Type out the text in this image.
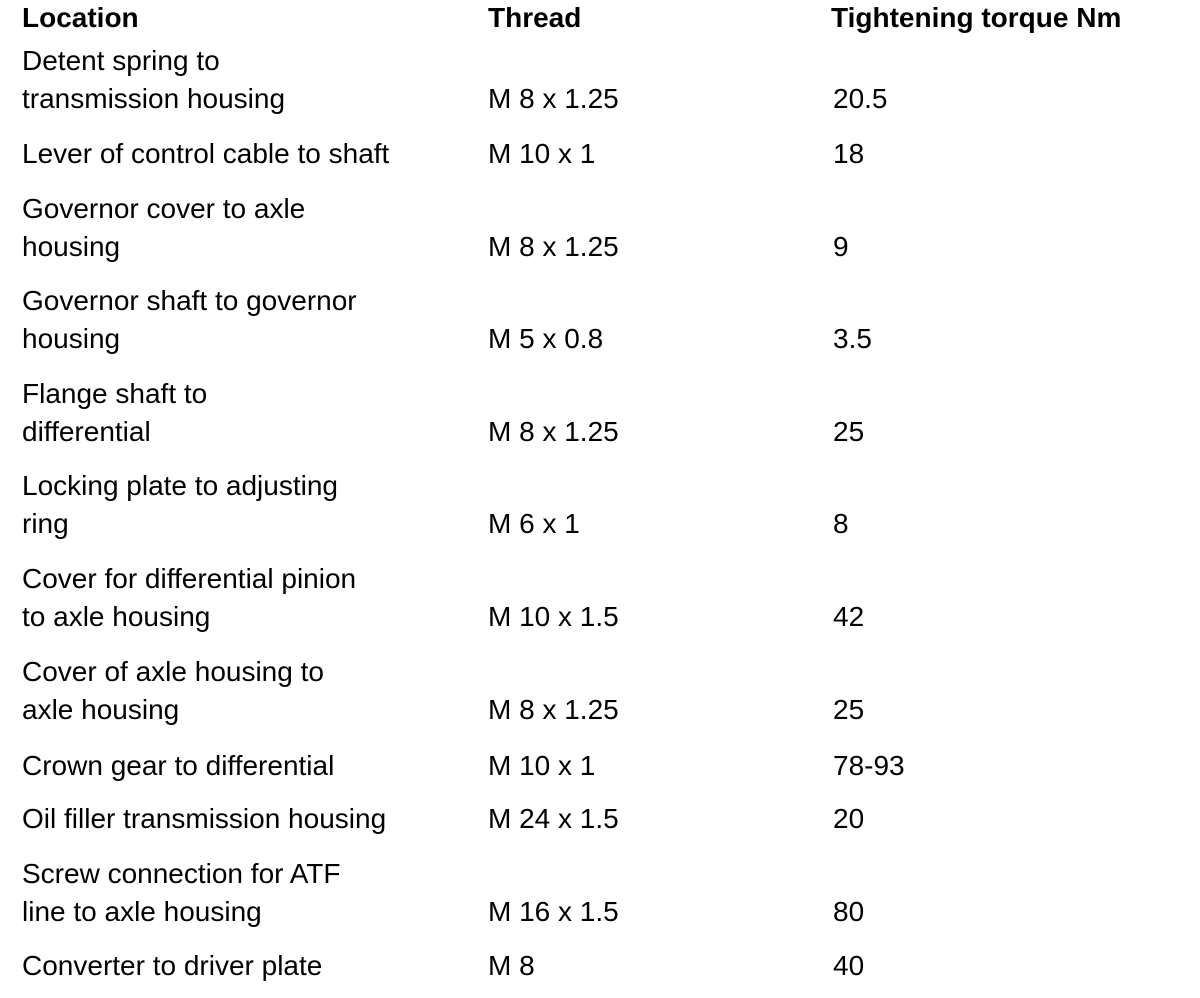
Location	Thread	Tightening torque Nm
Detent spring to
transmission housing	M 8 x 1.25	20.5
Lever of control cable to shaft	M 10 x 1	18
Governor cover to axle
housing	M 8 x 1.25	9
Governor shaft to governor
housing	M 5 x 0.8	3.5
Flange shaft to
differential	M 8 x 1.25	25
Locking plate to adjusting
ring	M 6 x 1	8
Cover for differential pinion
to axle housing	M 10 x 1.5	42
Cover of axle housing to
axle housing	M 8 x 1.25	25
Crown gear to differential	M 10 x 1	78-93
Oil filler transmission housing	M 24 x 1.5	20
Screw connection for ATF
line to axle housing	M 16 x 1.5	80
Converter to driver plate	M 8	40
